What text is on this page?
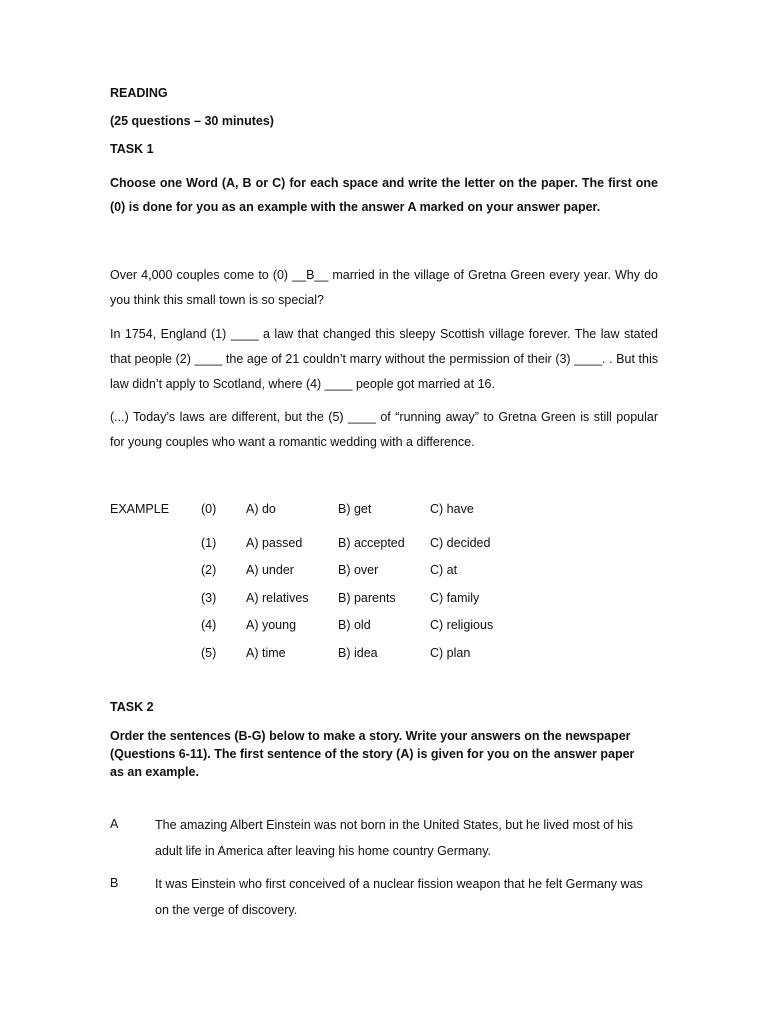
READING
(25 questions – 30 minutes)
TASK 1
Choose one Word (A, B or C) for each space and write the letter on the paper. The first one (0) is done for you as an example with the answer A marked on your answer paper.
Over 4,000 couples come to (0) __B__ married in the village of Gretna Green every year. Why do you think this small town is so special?
In 1754, England (1) ____ a law that changed this sleepy Scottish village forever. The law stated that people (2) ____ the age of 21 couldn’t marry without the permission of their (3) ____. . But this law didn’t apply to Scotland, where (4) ____ people got married at 16.
(...) Today’s laws are different, but the (5) ____ of “running away” to Gretna Green is still popular for young couples who want a romantic wedding with a difference.
EXAMPLE	(0) A) do	B) get	C) have
(1) A) passed	B) accepted C) decided
(2) A) under	B) over	C) at
(3) A) relatives B) parents	C) family
(4) A) young	B) old	C) religious
(5) A) time	B) idea	C) plan
TASK 2
Order the sentences (B-G) below to make a story. Write your answers on the newspaper (Questions 6-11). The first sentence of the story (A) is given for you on the answer paper as an example.
A	The amazing Albert Einstein was not born in the United States, but he lived most of his adult life in America after leaving his home country Germany.
B	It was Einstein who first conceived of a nuclear fission weapon that he felt Germany was on the verge of discovery.
